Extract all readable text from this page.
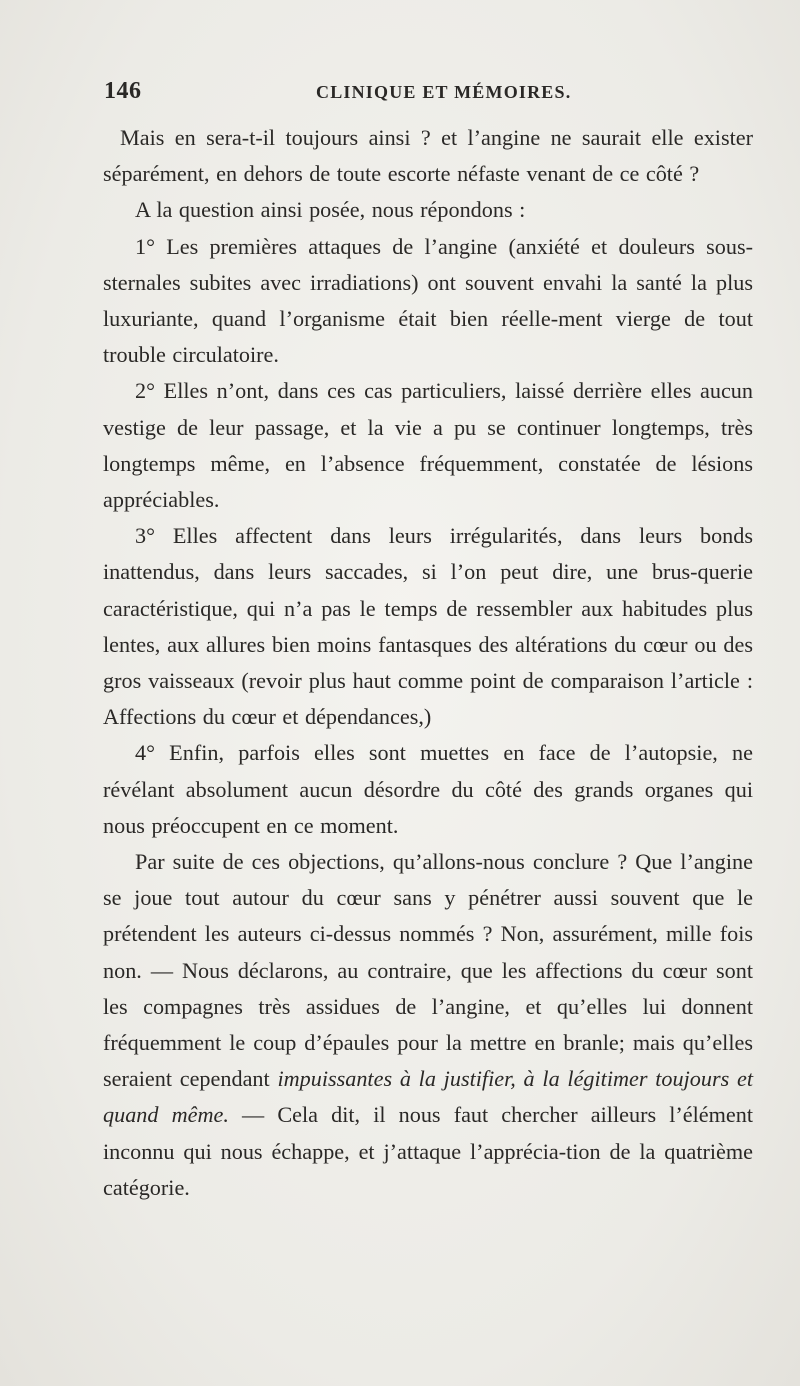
146	CLINIQUE ET MÉMOIRES.

Mais en sera-t-il toujours ainsi ? et l’angine ne saurait elle exister séparément, en dehors de toute escorte néfaste venant de ce côté ?

A la question ainsi posée, nous répondons :

1° Les premières attaques de l’angine (anxiété et douleurs sous-sternales subites avec irradiations) ont souvent envahi la santé la plus luxuriante, quand l’organisme était bien réelle-ment vierge de tout trouble circulatoire.

2° Elles n’ont, dans ces cas particuliers, laissé derrière elles aucun vestige de leur passage, et la vie a pu se continuer longtemps, très longtemps même, en l’absence fréquemment, constatée de lésions appréciables.

3° Elles affectent dans leurs irrégularités, dans leurs bonds inattendus, dans leurs saccades, si l’on peut dire, une brus-querie caractéristique, qui n’a pas le temps de ressembler aux habitudes plus lentes, aux allures bien moins fantasques des altérations du cœur ou des gros vaisseaux (revoir plus haut comme point de comparaison l’article : Affections du cœur et dépendances,)

4° Enfin, parfois elles sont muettes en face de l’autopsie, ne révélant absolument aucun désordre du côté des grands organes qui nous préoccupent en ce moment.

Par suite de ces objections, qu’allons-nous conclure ? Que l’angine se joue tout autour du cœur sans y pénétrer aussi souvent que le prétendent les auteurs ci-dessus nommés ? Non, assurément, mille fois non. — Nous déclarons, au contraire, que les affections du cœur sont les compagnes très assidues de l’angine, et qu’elles lui donnent fréquemment le coup d’épaules pour la mettre en branle; mais qu’elles seraient cependant impuissantes à la justifier, à la légitimer toujours et quand même. — Cela dit, il nous faut chercher ailleurs l’élément inconnu qui nous échappe, et j’attaque l’apprécia-tion de la quatrième catégorie.
